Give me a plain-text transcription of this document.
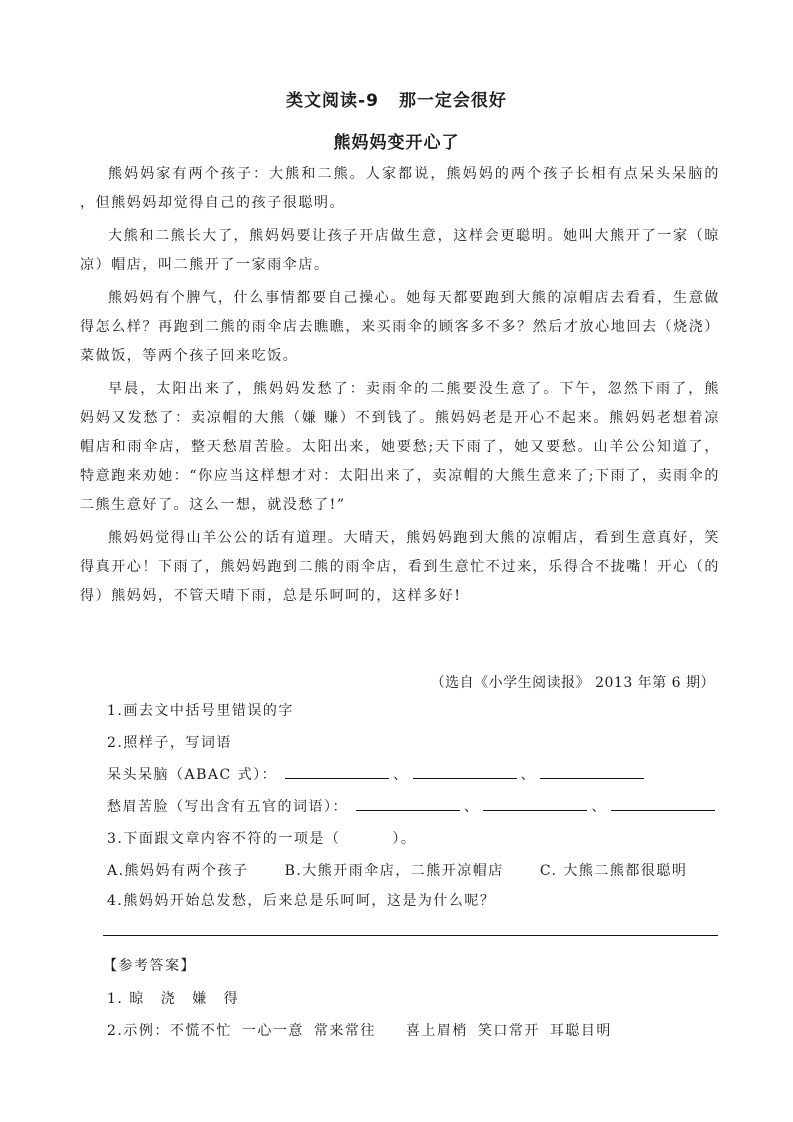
类文阅读-9 那一定会很好
熊妈妈变开心了

熊妈妈家有两个孩子：大熊和二熊。人家都说，熊妈妈的两个孩子长相有点呆头呆脑的 ，但熊妈妈却觉得自己的孩子很聪明。

大熊和二熊长大了，熊妈妈要让孩子开店做生意，这样会更聪明。她叫大熊开了一家（晾凉）帽店，叫二熊开了一家雨伞店。

熊妈妈有个脾气，什么事情都要自己操心。她每天都要跑到大熊的凉帽店去看看，生意做得怎么样？再跑到二熊的雨伞店去瞧瞧，来买雨伞的顾客多不多？然后才放心地回去（烧浇）菜做饭，等两个孩子回来吃饭。

早晨，太阳出来了，熊妈妈发愁了：卖雨伞的二熊要没生意了。下午，忽然下雨了，熊 妈妈又发愁了：卖凉帽的大熊（嫌 赚）不到钱了。熊妈妈老是开心不起来。熊妈妈老想着凉帽店和雨伞店，整天愁眉苦脸。太阳出来，她要愁;天下雨了，她又要愁。山羊公公知道了，特意跑来劝她：“你应当这样想才对：太阳出来了，卖凉帽的大熊生意来了;下雨了，卖雨伞的二熊生意好了。这么一想，就没愁了!”

熊妈妈觉得山羊公公的话有道理。大晴天，熊妈妈跑到大熊的凉帽店，看到生意真好，笑得真开心！下雨了，熊妈妈跑到二熊的雨伞店，看到生意忙不过来，乐得合不拢嘴！开心（的得）熊妈妈，不管天晴下雨，总是乐呵呵的，这样多好!

（选自《小学生阅读报》 2013 年第 6 期）
1.画去文中括号里错误的字
2.照样子，写词语
呆头呆脑（ABAC 式）：	、	、
愁眉苦脸（写出含有五官的词语）：	、	、
3.下面跟文章内容不符的一项是（	）。
A.熊妈妈有两个孩子	B.大熊开雨伞店，二熊开凉帽店	C. 大熊二熊都很聪明
4.熊妈妈开始总发愁，后来总是乐呵呵，这是为什么呢？
【参考答案】
1. 晾 浇 嫌 得
2.示例：不慌不忙 一心一意 常来常往 喜上眉梢 笑口常开 耳聪目明
